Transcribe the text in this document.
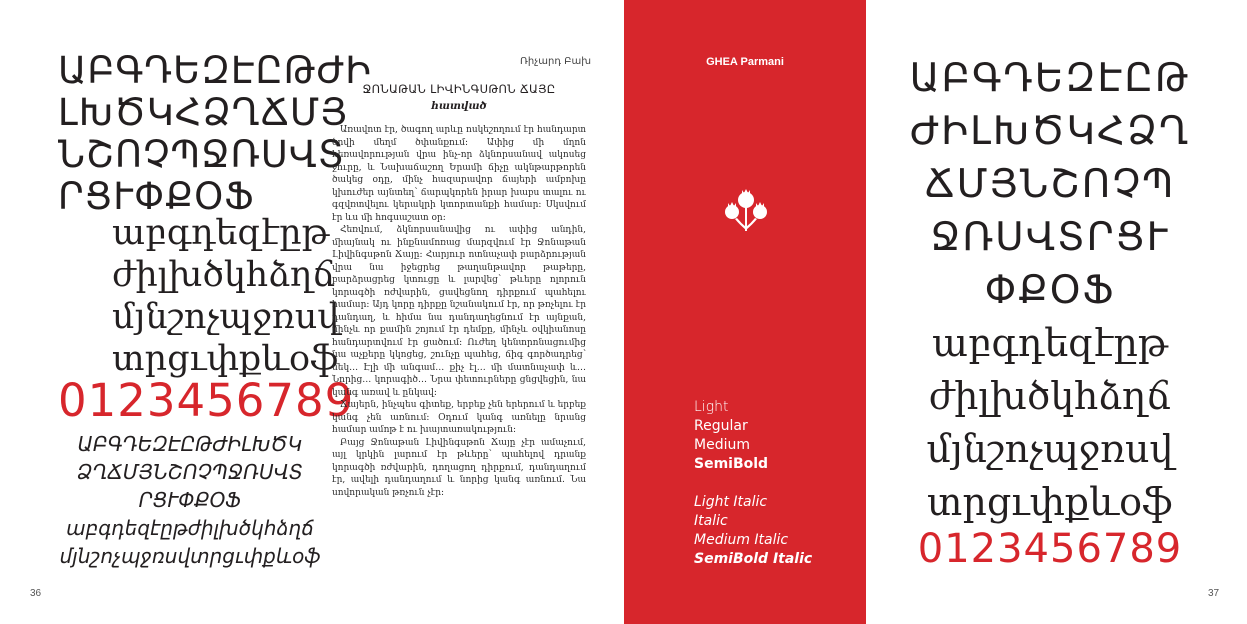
ԱԲԳԴԵԶԷԸԹԺԻ
ԼԽԾԿՀՁՂՃՄՅ
ՆՇՈՉՊՋՌՍՎՏ
ՐՑՒՓՔՕՖ
աբգդեզէըթ
ժիլխծկհձղճ
մյնշոչպջռսվ
տրցւփքևօֆ
0123456789
ԱԲԳԴԵԶԷԸԹԺԻԼԽԾԿ
ՁՂՃՄՅՆՇՈՉՊՋՌՍՎՏ
ՐՑՒՓՔՕՖ
աբգդեզէըթժիլխծկհձղճ
մյնշոչպջռսվտրցւփքևօֆ
36
Ռիչարդ Բախ
ՋՈՆԱԹԱՆ ԼԻՎԻՆԳՍԹՈՆ ՃԱՅԸ
հատված

Առավոտ էր, ծագող արևը ոսկեշողում էր հանդարտ ծովի մեղմ ծփանքում: Ափից մի մղոն հեռավորության վրա ինչ-որ ձկնորսանավ ակոսեց ջուրը, և Նախաճաշող Երամի ճիչը ակնթարթորեն ծակեց օդը, մինչ հազարավոր ճայերի ամբոխը կխուժեր այնտեղ՝ ճարպկորեն իրար խաբս տալու ու գզվռտվելու կերակրի կտորտանքի համար: Սկսվում էր ևս մի հոգսաշատ օր:

Հեռվում, ձկնորսանավից ու ափից անդին, միայնակ ու ինքնամոռաց մարզվում էր Ջոնաթան Լիվինգսթոն Ճայը: Հարյուր ոտնաչափ բարձրության վրա նա իջեցրեց թաղանթավոր թաթերը, բարձրացրեց կտուցը և լարվեց՝ թևերը ոլորուն կորագծի ռժվարին, ցավեցնող դիրքում պահելու համար: Այդ կորը դիրքը նշանակում էր, որ թռչելու էր դանդաղ, և հիմա նա դանդաղեցնում էր այնքան, մինչև որ քամին շոյում էր դեմքը, մինչև օվկիանոսը հանդարտվում էր ցածում: Ուժեղ կենտրոնացումից նա աչքերը կկոցեց, շունչը պահեց, ճիգ գործադրեց՝ մեկ… Էլի մի անգամ… քիչ էլ… մի մատնաչափ և… Նորից… կորագիծ… Նրա փետուրները ցնցվեցին, նա կանգ առավ և ընկավ:

Ճայերն, ինչպես գիտեք, երբեք չեն երերում և երբեք կանգ չեն առնում: Օդում կանգ առնելը նրանց համար ամոթ է ու խայտառակություն:

Բայց Ջոնաթան Լիվինգսթոն Ճայը չէր ամաչում, այլ կրկին լարում էր թևերը՝ պահելով դրանք կորագծի ռժվարին, դողացող դիրքում, դանդաղում էր, ավելի դանդաղում և նորից կանգ առնում. Նա սովորական թռչուն չէր:

GHEA Parmani
Light
Regular
Medium
SemiBold
Light Italic
Italic
Medium Italic
SemiBold Italic
ԱԲԳԴԵԶԷԸԹ
ԺԻԼԽԾԿՀՁՂ
ՃՄՅՆՇՈՉՊ
ՋՌՍՎՏՐՑՒ
ՓՔՕՖ
աբգդեզէըթ
ժիլխծկհձղճ
մյնշոչպջռսվ
տրցւփքևօֆ
0123456789
37
